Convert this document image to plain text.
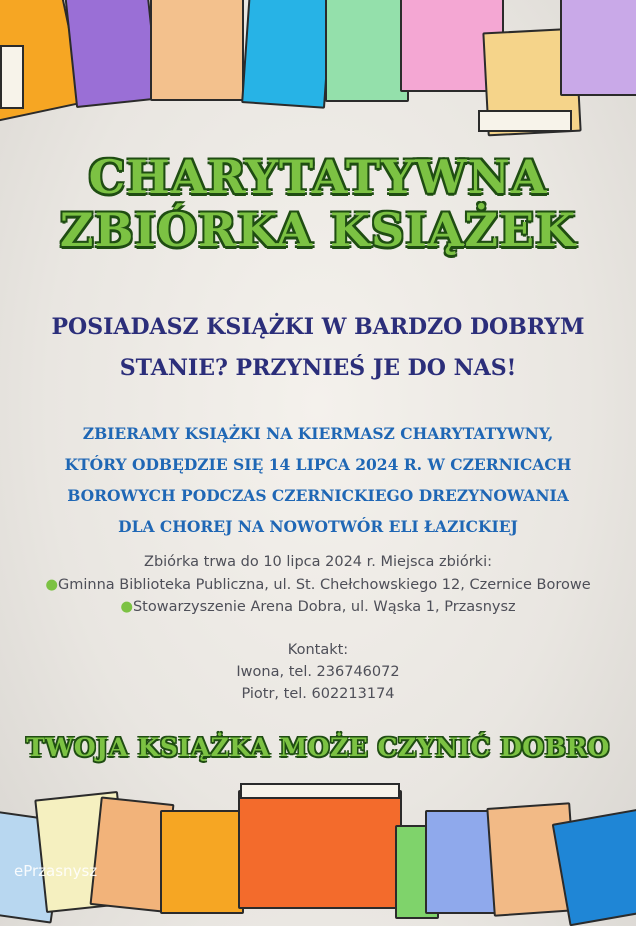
CHARYTATYWNA
ZBIÓRKA KSIĄŻEK
POSIADASZ KSIĄŻKI W BARDZO DOBRYM
STANIE? PRZYNIEŚ JE DO NAS!
ZBIERAMY KSIĄŻKI NA KIERMASZ CHARYTATYWNY,
KTÓRY ODBĘDZIE SIĘ 14 LIPCA 2024 R. W CZERNICACH
BOROWYCH PODCZAS CZERNICKIEGO DREZYNOWANIA
DLA CHOREJ NA NOWOTWÓR ELI ŁAZICKIEJ
Zbiórka trwa do 10 lipca 2024 r. Miejsca zbiórki:
●Gminna Biblioteka Publiczna, ul. St. Chełchowskiego 12, Czernice Borowe
●Stowarzyszenie Arena Dobra, ul. Wąska 1, Przasnysz
Kontakt:
Iwona, tel. 236746072
Piotr, tel. 602213174
TWOJA KSIĄŻKA MOŻE CZYNIĆ DOBRO
ePrzasnysz
